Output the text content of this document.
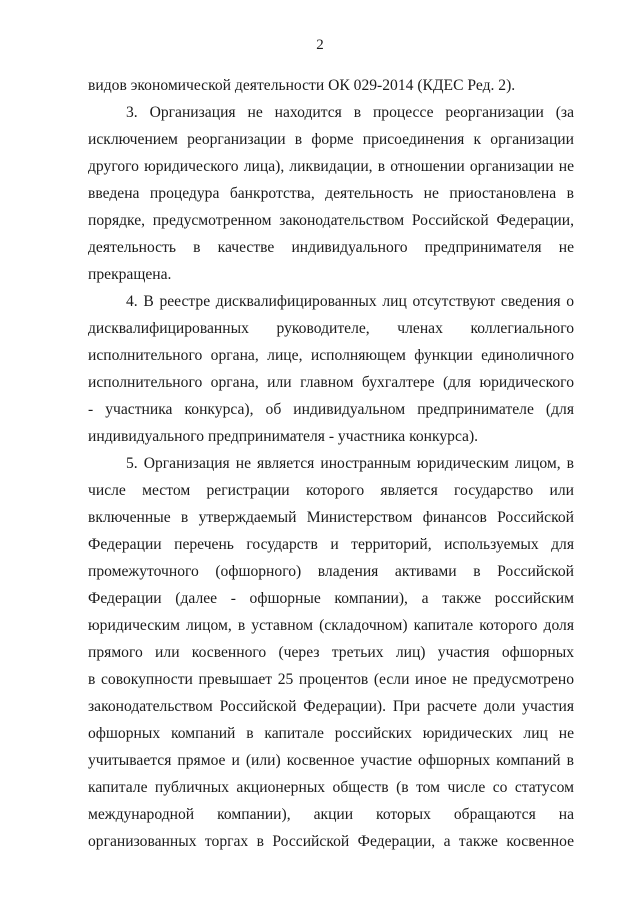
2
видов экономической деятельности ОК 029-2014 (КДЕС Ред. 2).
3. Организация не находится в процессе реорганизации (за
исключением реорганизации в форме присоединения к организации
другого юридического лица), ликвидации, в отношении организации не
введена процедура банкротства, деятельность не приостановлена в
порядке, предусмотренном законодательством Российской Федерации,
деятельность в качестве индивидуального предпринимателя не
прекращена.
4. В реестре дисквалифицированных лиц отсутствуют сведения о
дисквалифицированных руководителе, членах коллегиального
исполнительного органа, лице, исполняющем функции единоличного
исполнительного органа, или главном бухгалтере (для юридического
- участника конкурса), об индивидуальном предпринимателе (для
индивидуального предпринимателя - участника конкурса).
5. Организация не является иностранным юридическим лицом, в
числе местом регистрации которого является государство или
включенные в утверждаемый Министерством финансов Российской
Федерации перечень государств и территорий, используемых для
промежуточного (офшорного) владения активами в Российской
Федерации (далее - офшорные компании), а также российским
юридическим лицом, в уставном (складочном) капитале которого доля
прямого или косвенного (через третьих лиц) участия офшорных
в совокупности превышает 25 процентов (если иное не предусмотрено
законодательством Российской Федерации). При расчете доли участия
офшорных компаний в капитале российских юридических лиц не
учитывается прямое и (или) косвенное участие офшорных компаний в
капитале публичных акционерных обществ (в том числе со статусом
международной компании), акции которых обращаются на
организованных торгах в Российской Федерации, а также косвенное
